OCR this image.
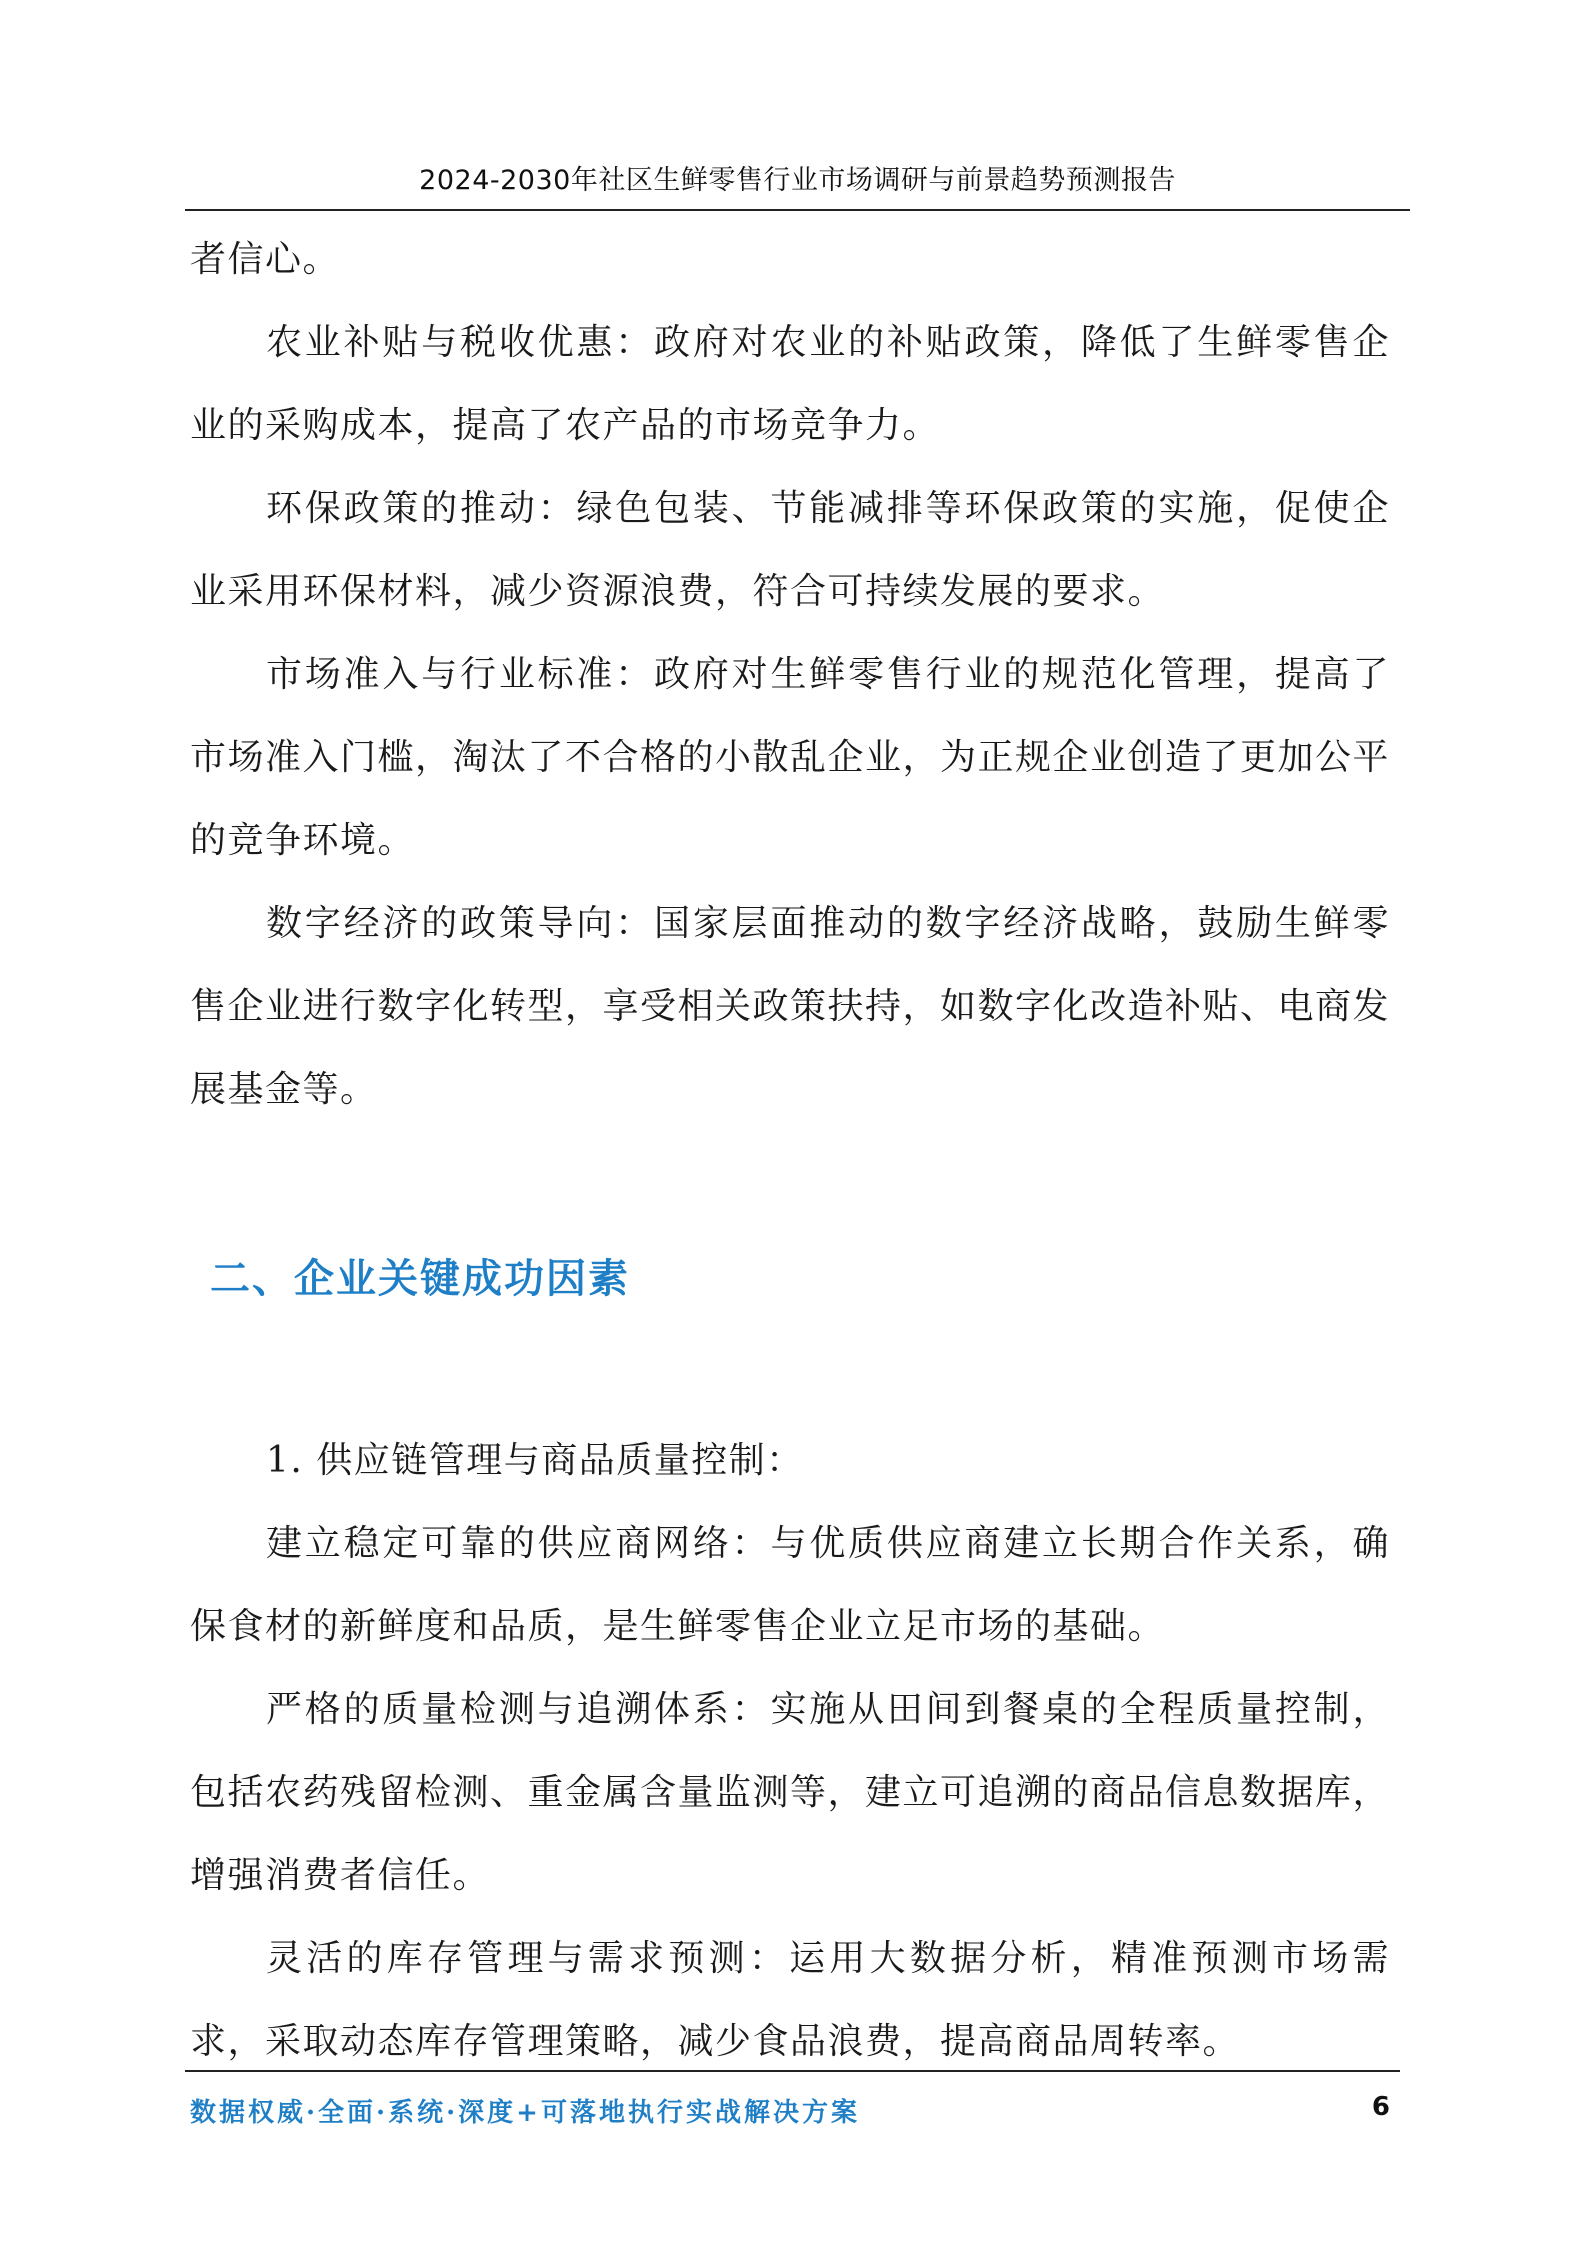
2024-2030年社区生鲜零售行业市场调研与前景趋势预测报告

者信心。

农业补贴与税收优惠：政府对农业的补贴政策，降低了生鲜零售企业的采购成本，提高了农产品的市场竞争力。

环保政策的推动：绿色包装、节能减排等环保政策的实施，促使企业采用环保材料，减少资源浪费，符合可持续发展的要求。

市场准入与行业标准：政府对生鲜零售行业的规范化管理，提高了市场准入门槛，淘汰了不合格的小散乱企业，为正规企业创造了更加公平的竞争环境。

数字经济的政策导向：国家层面推动的数字经济战略，鼓励生鲜零售企业进行数字化转型，享受相关政策扶持，如数字化改造补贴、电商发展基金等。

二、企业关键成功因素

1. 供应链管理与商品质量控制：

建立稳定可靠的供应商网络：与优质供应商建立长期合作关系，确保食材的新鲜度和品质，是生鲜零售企业立足市场的基础。

严格的质量检测与追溯体系：实施从田间到餐桌的全程质量控制，包括农药残留检测、重金属含量监测等，建立可追溯的商品信息数据库，增强消费者信任。

灵活的库存管理与需求预测：运用大数据分析，精准预测市场需求，采取动态库存管理策略，减少食品浪费，提高商品周转率。

数据权威·全面·系统·深度+可落地执行实战解决方案	6
